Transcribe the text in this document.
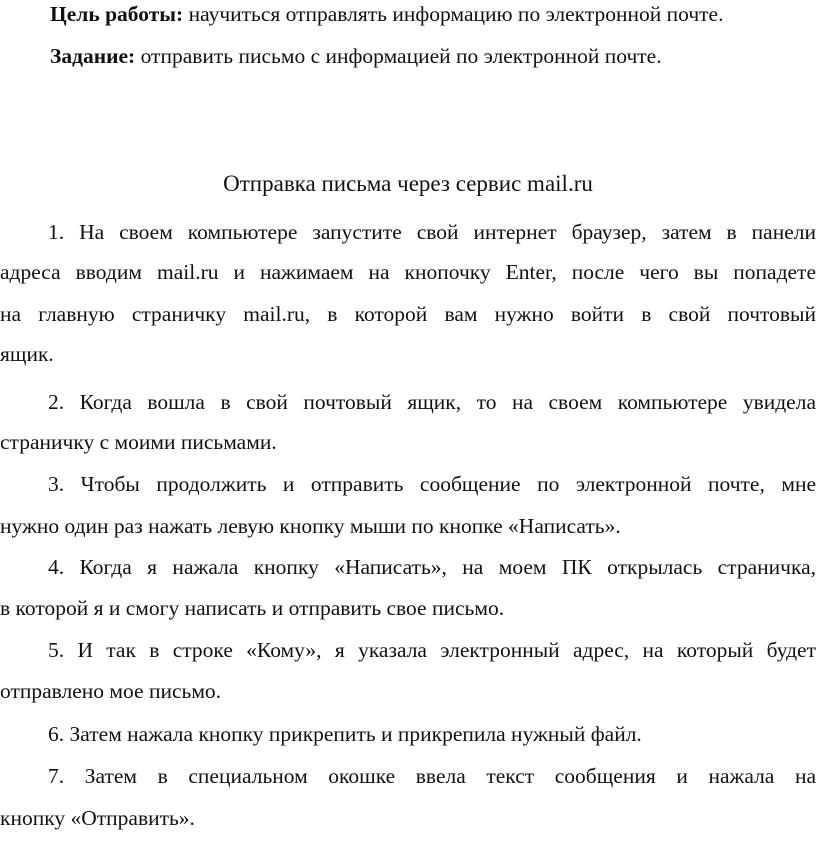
Цель работы: научиться отправлять информацию по электронной почте.
Задание: отправить письмо с информацией по электронной почте.
Отправка письма через сервис mail.ru
1. На своем компьютере запустите свой интернет браузер, затем в панели
адреса вводим mail.ru и нажимаем на кнопочку Enter, после чего вы попадете
на главную страничку mail.ru, в которой вам нужно войти в свой почтовый
ящик.
2. Когда вошла в свой почтовый ящик, то на своем компьютере увидела
страничку с моими письмами.
3. Чтобы продолжить и отправить сообщение по электронной почте, мне
нужно один раз нажать левую кнопку мыши по кнопке «Написать».
4. Когда я нажала кнопку «Написать», на моем ПК открылась страничка,
в которой я и смогу написать и отправить свое письмо.
5. И так в строке «Кому», я указала электронный адрес, на который будет
отправлено мое письмо.
6. Затем нажала кнопку прикрепить и прикрепила нужный файл.
7. Затем в специальном окошке ввела текст сообщения и нажала на
кнопку «Отправить».
